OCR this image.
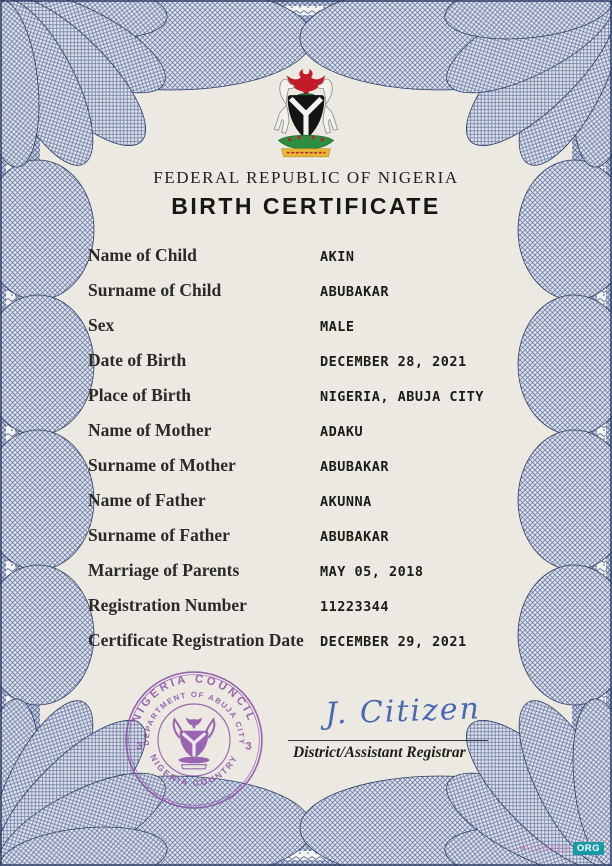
FEDERAL REPUBLIC OF NIGERIA
BIRTH CERTIFICATE
Name of Child	AKIN
Surname of Child	ABUBAKAR
Sex	MALE
Date of Birth	DECEMBER 28, 2021
Place of Birth	NIGERIA, ABUJA CITY
Name of Mother	ADAKU
Surname of Mother	ABUBAKAR
Name of Father	AKUNNA
Surname of Father	ABUBAKAR
Marriage of Parents	MAY 05, 2018
Registration Number	11223344
Certificate Registration Date	DECEMBER 29, 2021
NIGERIA COUNCIL
DEPARTMENT OF ABUJA CITY
NIGERIA COUNTRY
3	3
J. Citizen
District/Assistant Registrar
✦ CENTER ORG
